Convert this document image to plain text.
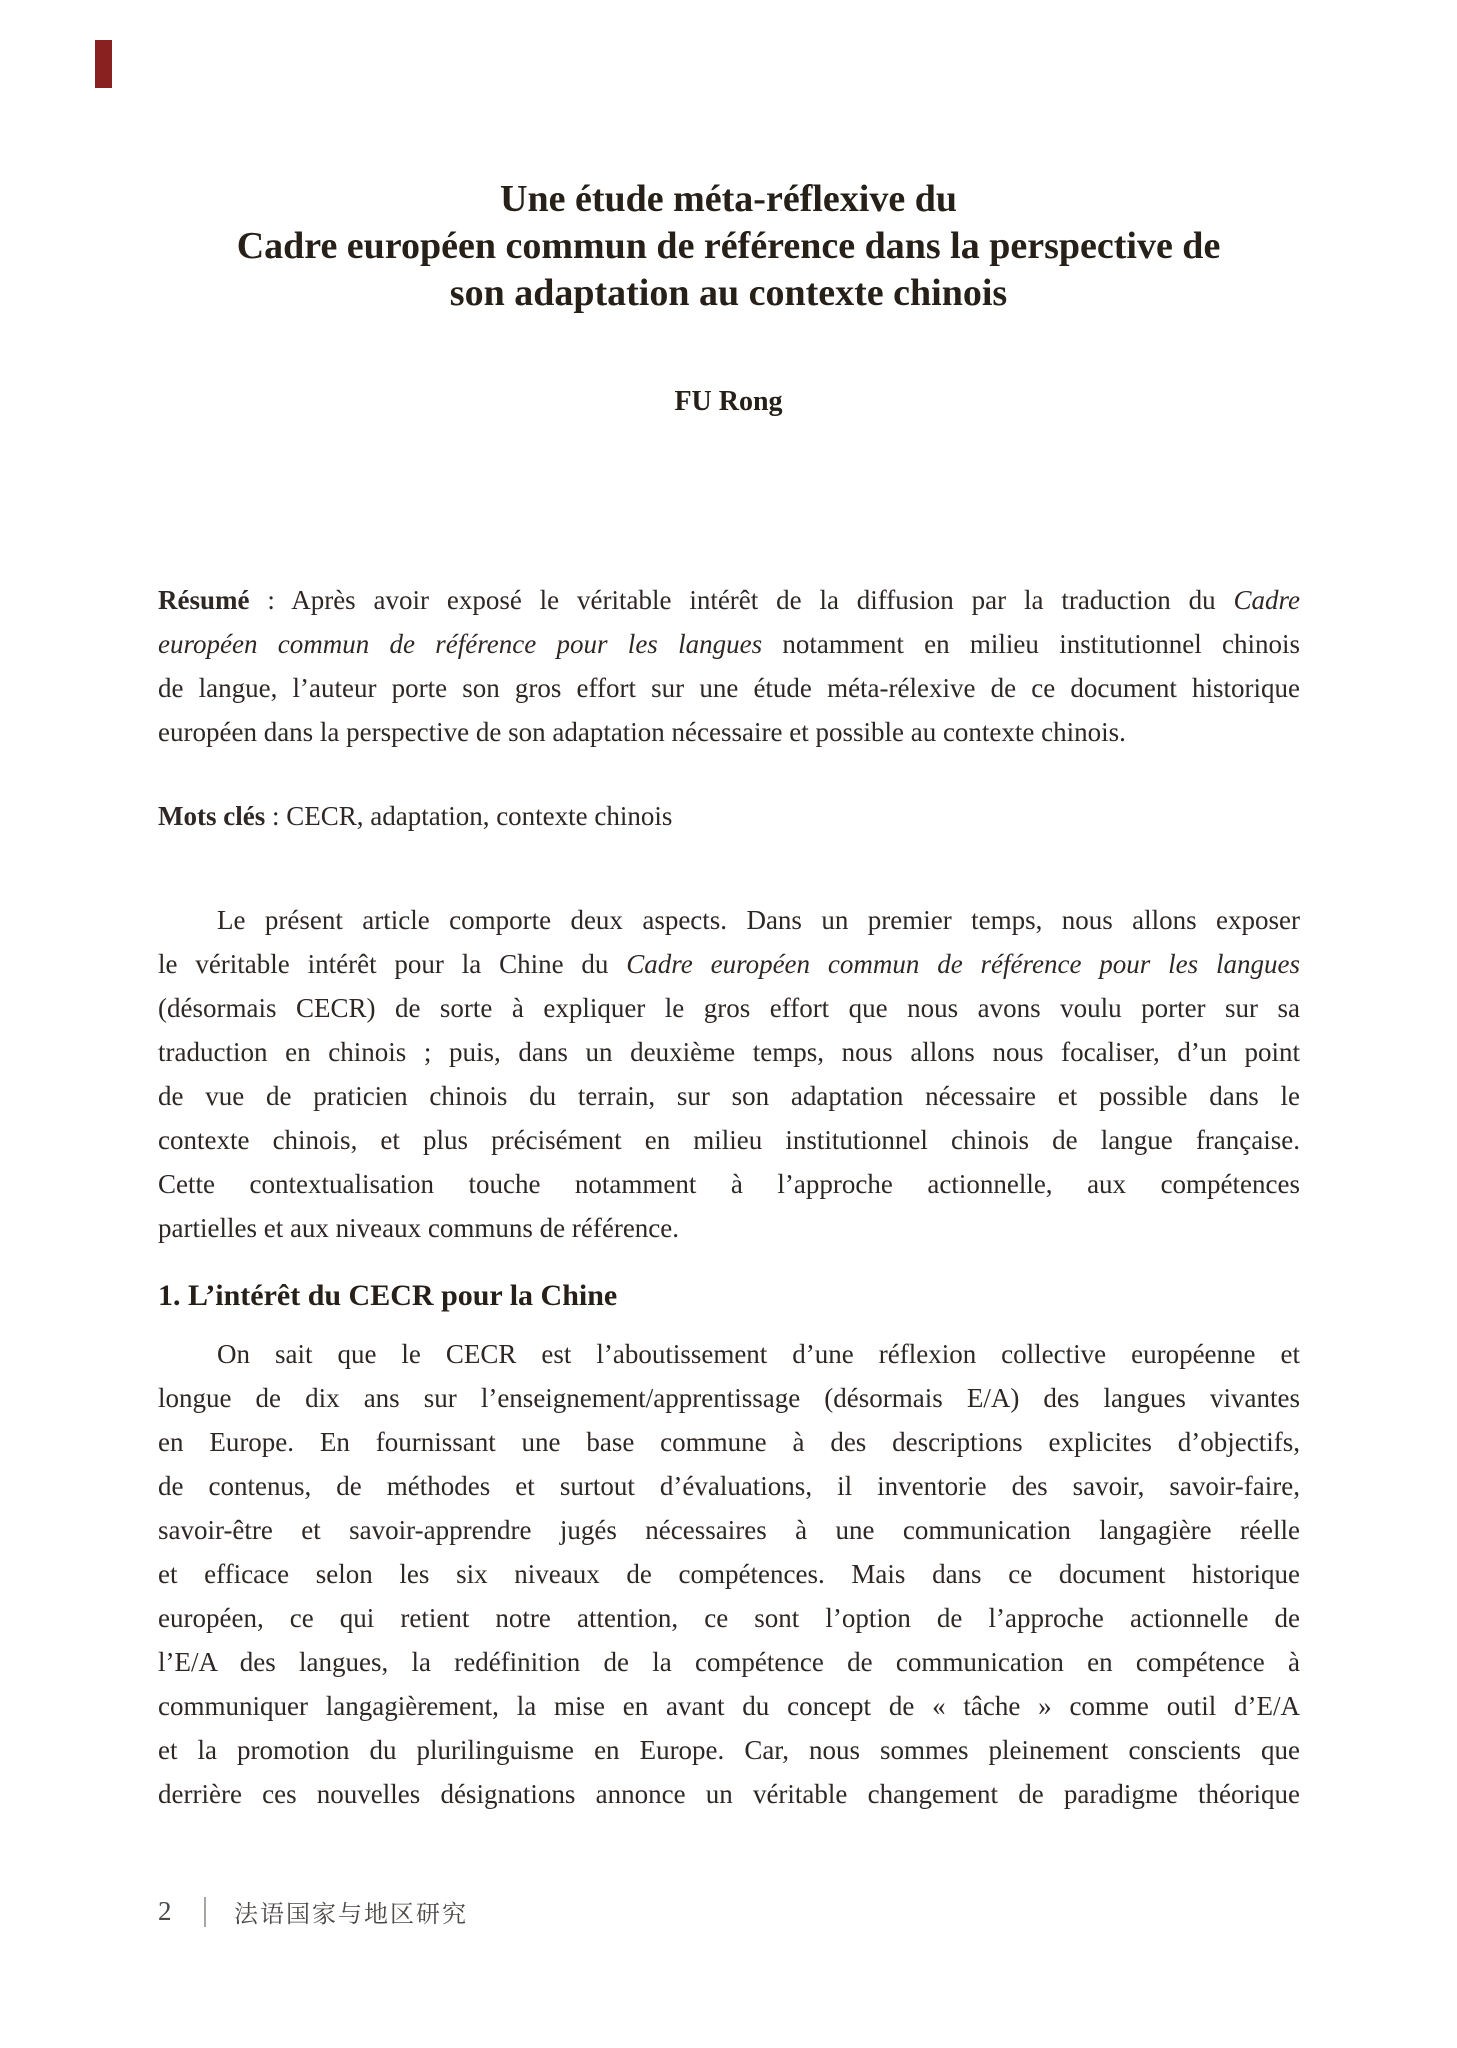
Une étude méta-réflexive du
Cadre européen commun de référence dans la perspective de
son adaptation au contexte chinois
FU Rong
Résumé : Après avoir exposé le véritable intérêt de la diffusion par la traduction du Cadre
européen commun de référence pour les langues notamment en milieu institutionnel chinois
de langue, l’auteur porte son gros effort sur une étude méta-rélexive de ce document historique
européen dans la perspective de son adaptation nécessaire et possible au contexte chinois.
Mots clés : CECR, adaptation, contexte chinois
Le présent article comporte deux aspects. Dans un premier temps, nous allons exposer
le véritable intérêt pour la Chine du Cadre européen commun de référence pour les langues
(désormais CECR) de sorte à expliquer le gros effort que nous avons voulu porter sur sa
traduction en chinois ; puis, dans un deuxième temps, nous allons nous focaliser, d’un point
de vue de praticien chinois du terrain, sur son adaptation nécessaire et possible dans le
contexte chinois, et plus précisément en milieu institutionnel chinois de langue française.
Cette contextualisation touche notamment à l’approche actionnelle, aux compétences
partielles et aux niveaux communs de référence.
1. L’intérêt du CECR pour la Chine
On sait que le CECR est l’aboutissement d’une réflexion collective européenne et
longue de dix ans sur l’enseignement/apprentissage (désormais E/A) des langues vivantes
en Europe. En fournissant une base commune à des descriptions explicites d’objectifs,
de contenus, de méthodes et surtout d’évaluations, il inventorie des savoir, savoir-faire,
savoir-être et savoir-apprendre jugés nécessaires à une communication langagière réelle
et efficace selon les six niveaux de compétences. Mais dans ce document historique
européen, ce qui retient notre attention, ce sont l’option de l’approche actionnelle de
l’E/A des langues, la redéfinition de la compétence de communication en compétence à
communiquer langagièrement, la mise en avant du concept de « tâche » comme outil d’E/A
et la promotion du plurilinguisme en Europe. Car, nous sommes pleinement conscients que
derrière ces nouvelles désignations annonce un véritable changement de paradigme théorique
2	法语国家与地区研究
